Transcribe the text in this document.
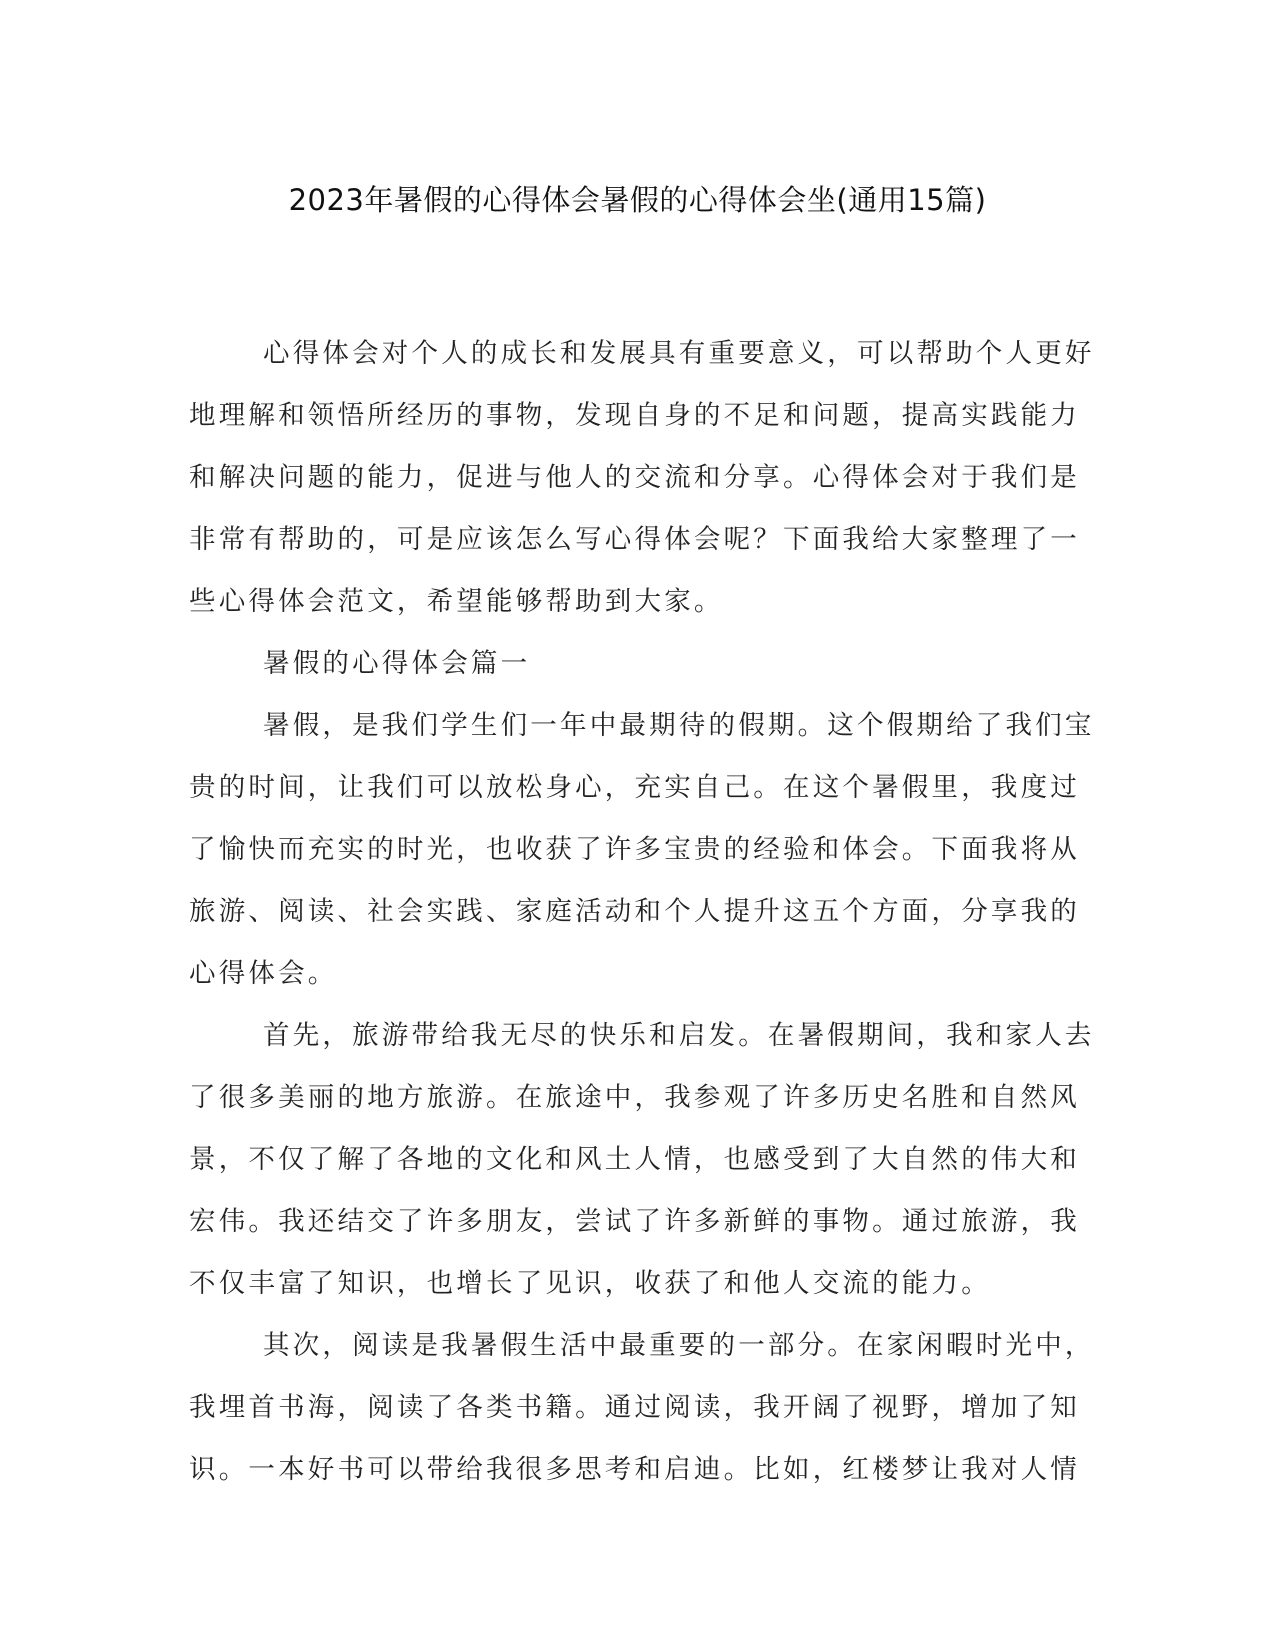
2023年暑假的心得体会暑假的心得体会坐(通用15篇)
心得体会对个人的成长和发展具有重要意义，可以帮助个人更好
地理解和领悟所经历的事物，发现自身的不足和问题，提高实践能力
和解决问题的能力，促进与他人的交流和分享。心得体会对于我们是
非常有帮助的，可是应该怎么写心得体会呢？下面我给大家整理了一
些心得体会范文，希望能够帮助到大家。
暑假的心得体会篇一
暑假，是我们学生们一年中最期待的假期。这个假期给了我们宝
贵的时间，让我们可以放松身心，充实自己。在这个暑假里，我度过
了愉快而充实的时光，也收获了许多宝贵的经验和体会。下面我将从
旅游、阅读、社会实践、家庭活动和个人提升这五个方面，分享我的
心得体会。
首先，旅游带给我无尽的快乐和启发。在暑假期间，我和家人去
了很多美丽的地方旅游。在旅途中，我参观了许多历史名胜和自然风
景，不仅了解了各地的文化和风土人情，也感受到了大自然的伟大和
宏伟。我还结交了许多朋友，尝试了许多新鲜的事物。通过旅游，我
不仅丰富了知识，也增长了见识，收获了和他人交流的能力。
其次，阅读是我暑假生活中最重要的一部分。在家闲暇时光中，
我埋首书海，阅读了各类书籍。通过阅读，我开阔了视野，增加了知
识。一本好书可以带给我很多思考和启迪。比如，红楼梦让我对人情
